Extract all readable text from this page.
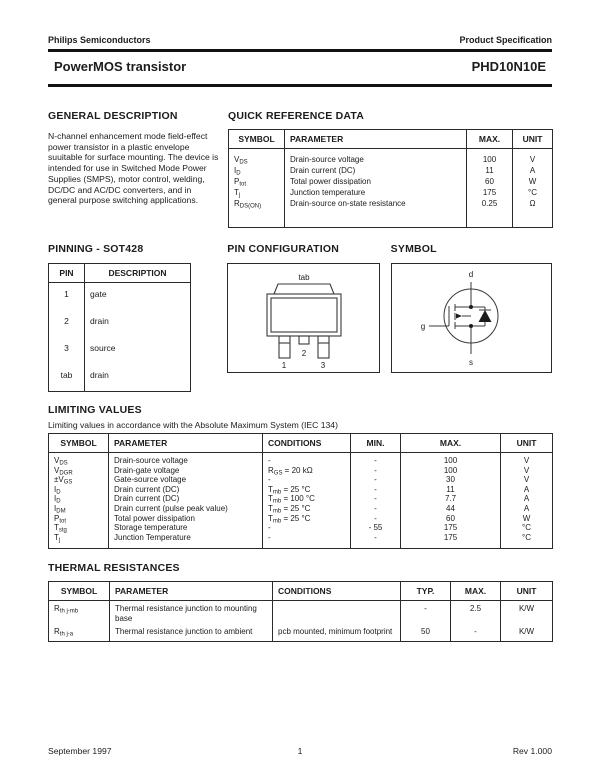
Philips Semiconductors	Product Specification
PowerMOS transistor	PHD10N10E
GENERAL DESCRIPTION
N-channel enhancement mode field-effect power transistor in a plastic envelope suuitable for surface mounting. The device is intended for use in Switched Mode Power Supplies (SMPS), motor control, welding, DC/DC and AC/DC converters, and in general purpose switching applications.
QUICK REFERENCE DATA
SYMBOL	PARAMETER	MAX.	UNIT
$V_{DS}$	Drain-source voltage	100	V
$I_D$	Drain current (DC)	11	A
$P_{tot}$	Total power dissipation	60	W
$T_j$	Junction temperature	175	°C
$R_{DS(ON)}$	Drain-source on-state resistance	0.25	Ω
PINNING - SOT428
PIN	DESCRIPTION
1	gate
2	drain
3	source
tab	drain
PIN CONFIGURATION
tab
2
1	3
SYMBOL
d
g
s
LIMITING VALUES
Limiting values in accordance with the Absolute Maximum System (IEC 134)
SYMBOL	PARAMETER	CONDITIONS	MIN.	MAX.	UNIT
$V_{DS}$	Drain-source voltage	-	-	100	V
$V_{DGR}$	Drain-gate voltage	$R_{GS} = 20$ kΩ	-	100	V
$\pm V_{GS}$	Gate-source voltage	-	-	30	V
$I_D$	Drain current (DC)	$T_{mb} = 25$ °C	-	11	A
$I_D$	Drain current (DC)	$T_{mb} = 100$ °C	-	7.7	A
$I_{DM}$	Drain current (pulse peak value)	$T_{mb} = 25$ °C	-	44	A
$P_{tot}$	Total power dissipation	$T_{mb} = 25$ °C	-	60	W
$T_{stg}$	Storage temperature	-	- 55	175	°C
$T_j$	Junction Temperature	-	-	175	°C
THERMAL RESISTANCES
SYMBOL	PARAMETER	CONDITIONS	TYP.	MAX.	UNIT
$R_{th j-mb}$	Thermal resistance junction to mounting base		-	2.5	K/W
$R_{th j-a}$	Thermal resistance junction to ambient	pcb mounted, minimum footprint	50	-	K/W
1
September 1997	Rev 1.000
